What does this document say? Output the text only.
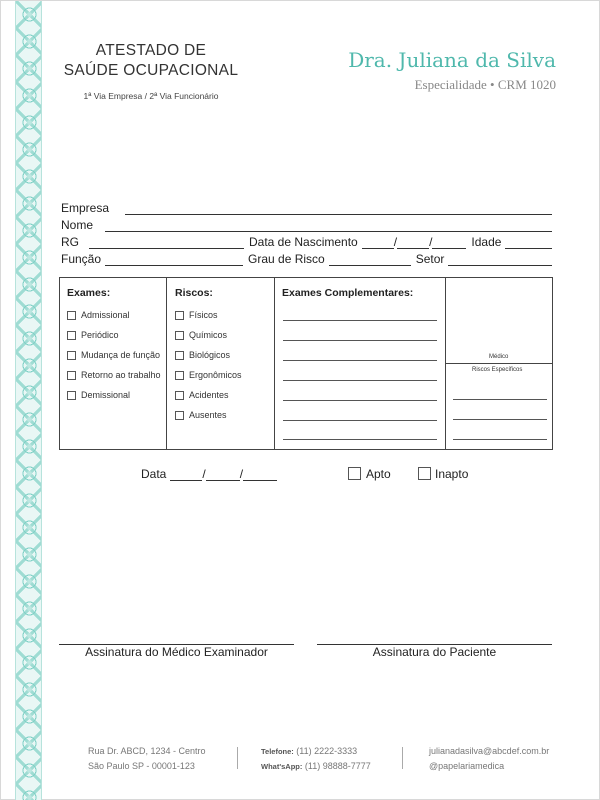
ATESTADO DE
SAÚDE OCUPACIONAL
1ª Via Empresa / 2ª Via Funcionário
Dra. Juliana da Silva
Especialidade • CRM 1020
Empresa
Nome
RG	Data de Nascimento	/	/	Idade
Função	Grau de Risco	Setor
Exames:	Riscos:	Exames Complementares:
Admissional
Periódico
Mudança de função
Retorno ao trabalho
Demissional
Físicos
Químicos
Biológicos
Ergonômicos
Acidentes
Ausentes
Médico
Riscos Específicos
Data	/	/	Apto	Inapto
Assinatura do Médico Examinador	Assinatura do Paciente
Rua Dr. ABCD, 1234 - Centro
São Paulo SP - 00001-123
Telefone: (11) 2222-3333
What'sApp: (11) 98888-7777
julianadasilva@abcdef.com.br
@papelariamedica
